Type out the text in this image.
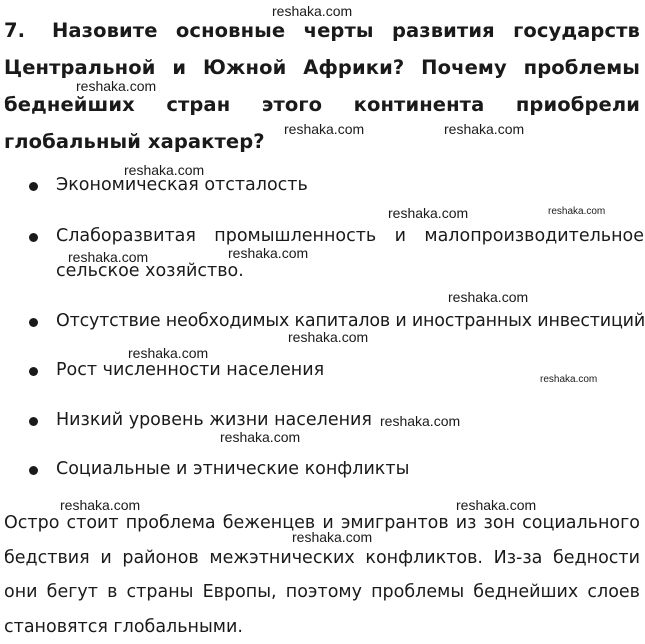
7. Назовите основные черты развития государств Центральной и Южной Африки? Почему проблемы беднейших стран этого континента приобрели глобальный характер?
Экономическая отсталость
Слаборазвитая промышленность и малопроизводительное сельское хозяйство.
Отсутствие необходимых капиталов и иностранных инвестиций
Рост численности населения
Низкий уровень жизни населения
Социальные и этнические конфликты
Остро стоит проблема беженцев и эмигрантов из зон социального бедствия и районов межэтнических конфликтов. Из-за бедности они бегут в страны Европы, поэтому проблемы беднейших слоев становятся глобальными.
reshaka.com
reshaka.com
reshaka.com	reshaka.com
reshaka.com
reshaka.com	reshaka.com
reshaka.com	reshaka.com
reshaka.com
reshaka.com
reshaka.com
reshaka.com
reshaka.com
reshaka.com
reshaka.com	reshaka.com
reshaka.com
